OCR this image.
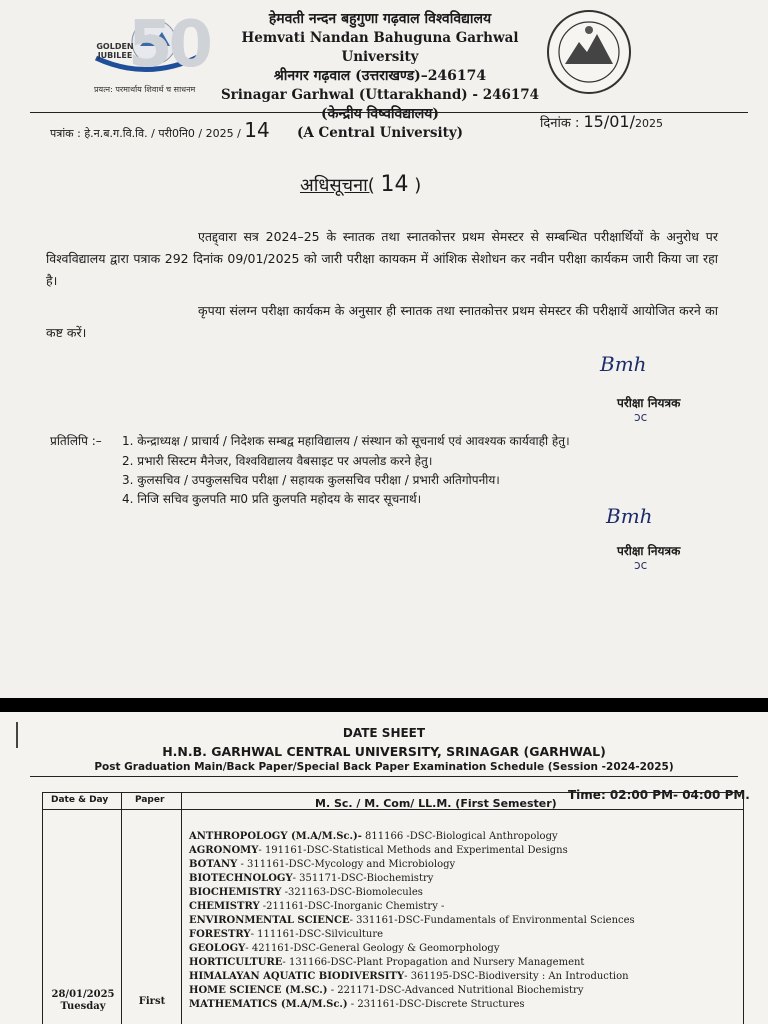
50
GOLDEN JUBILEE
प्रयत्न: परमार्थाय शिवार्थ च साधनम
हेमवती नन्दन बहुगुणा गढ़वाल विश्वविद्यालय
Hemvati Nandan Bahuguna Garhwal University
श्रीनगर गढ़वाल (उत्तराखण्ड)–246174
Srinagar Garhwal (Uttarakhand) - 246174
(केन्द्रीय विष्वविद्यालय)
(A Central University)
पत्रांक : हे.न.ब.ग.वि.वि. / परी0नि0 / 2025 / 14	दिनांक : 15/01/2025
अधिसूचना( 14 )
एतद्द्वारा सत्र 2024–25 के स्नातक तथा स्नातकोत्तर प्रथम सेमस्टर से सम्बन्धित परीक्षार्थियों के अनुरोध पर विश्वविद्यालय द्वारा पत्राक 292 दिनांक 09/01/2025 को जारी परीक्षा कायकम में आंशिक सेशोधन कर नवीन परीक्षा कार्यकम जारी किया जा रहा है।
कृपया संलग्न परीक्षा कार्यकम के अनुसार ही स्नातक तथा स्नातकोत्तर प्रथम सेमस्टर की परीक्षायें आयोजित करने का कष्ट करें।
Bmh
परीक्षा नियत्रक
ɔc
प्रतिलिपि :– 1. केन्द्राध्यक्ष / प्राचार्य / निदेशक सम्बद्व महाविद्यालय / संस्थान को सूचनार्थ एवं आवश्यक कार्यवाही हेतु।
2. प्रभारी सिस्टम मैनेजर, विश्वविद्यालय वैबसाइट पर अपलोड करने हेतु।
3. कुलसचिव / उपकुलसचिव परीक्षा / सहायक कुलसचिव परीक्षा / प्रभारी अतिगोपनीय।
4. निजि सचिव कुलपति मा0 प्रति कुलपति महोदय के सादर सूचनार्थ।
Bmh
परीक्षा नियत्रक
ɔc
DATE SHEET
H.N.B. GARHWAL CENTRAL UNIVERSITY, SRINAGAR (GARHWAL)
Post Graduation Main/Back Paper/Special Back Paper Examination Schedule (Session -2024-2025)
Time: 02:00 PM- 04:00 PM.
Date & Day	Paper	M. Sc. / M. Com/ LL.M. (First Semester)
28/01/2025
Tuesday	First
ANTHROPOLOGY (M.A/M.Sc.)- 811166 -DSC-Biological Anthropology
AGRONOMY- 191161-DSC-Statistical Methods and Experimental Designs
BOTANY - 311161-DSC-Mycology and Microbiology
BIOTECHNOLOGY- 351171-DSC-Biochemistry
BIOCHEMISTRY -321163-DSC-Biomolecules
CHEMISTRY -211161-DSC-Inorganic Chemistry -
ENVIRONMENTAL SCIENCE- 331161-DSC-Fundamentals of Environmental Sciences
FORESTRY- 111161-DSC-Silviculture
GEOLOGY- 421161-DSC-General Geology & Geomorphology
HORTICULTURE- 131166-DSC-Plant Propagation and Nursery Management
HIMALAYAN AQUATIC BIODIVERSITY- 361195-DSC-Biodiversity : An Introduction
HOME SCIENCE (M.SC.) - 221171-DSC-Advanced Nutritional Biochemistry
MATHEMATICS (M.A/M.Sc.) - 231161-DSC-Discrete Structures
